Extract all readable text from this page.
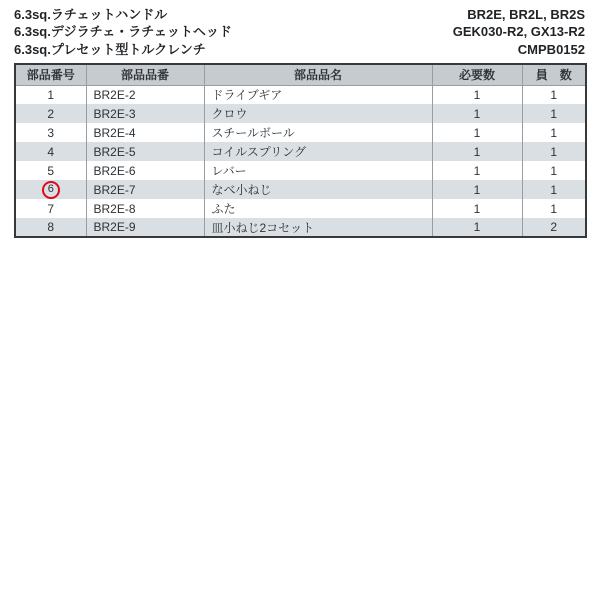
6.3sq.ラチェットハンドル
6.3sq.デジラチェ・ラチェットヘッド
6.3sq.プレセット型トルクレンチ
BR2E, BR2L, BR2S
GEK030-R2, GX13-R2
CMPB0152
部品番号	部品品番	部品品名	必要数	員　数
1	BR2E-2	ドライブギア	1	1
2	BR2E-3	クロウ	1	1
3	BR2E-4	スチールボール	1	1
4	BR2E-5	コイルスプリング	1	1
5	BR2E-6	レバー	1	1
6	BR2E-7	なべ小ねじ	1	1
7	BR2E-8	ふた	1	1
8	BR2E-9	皿小ねじ2コセット	1	2
